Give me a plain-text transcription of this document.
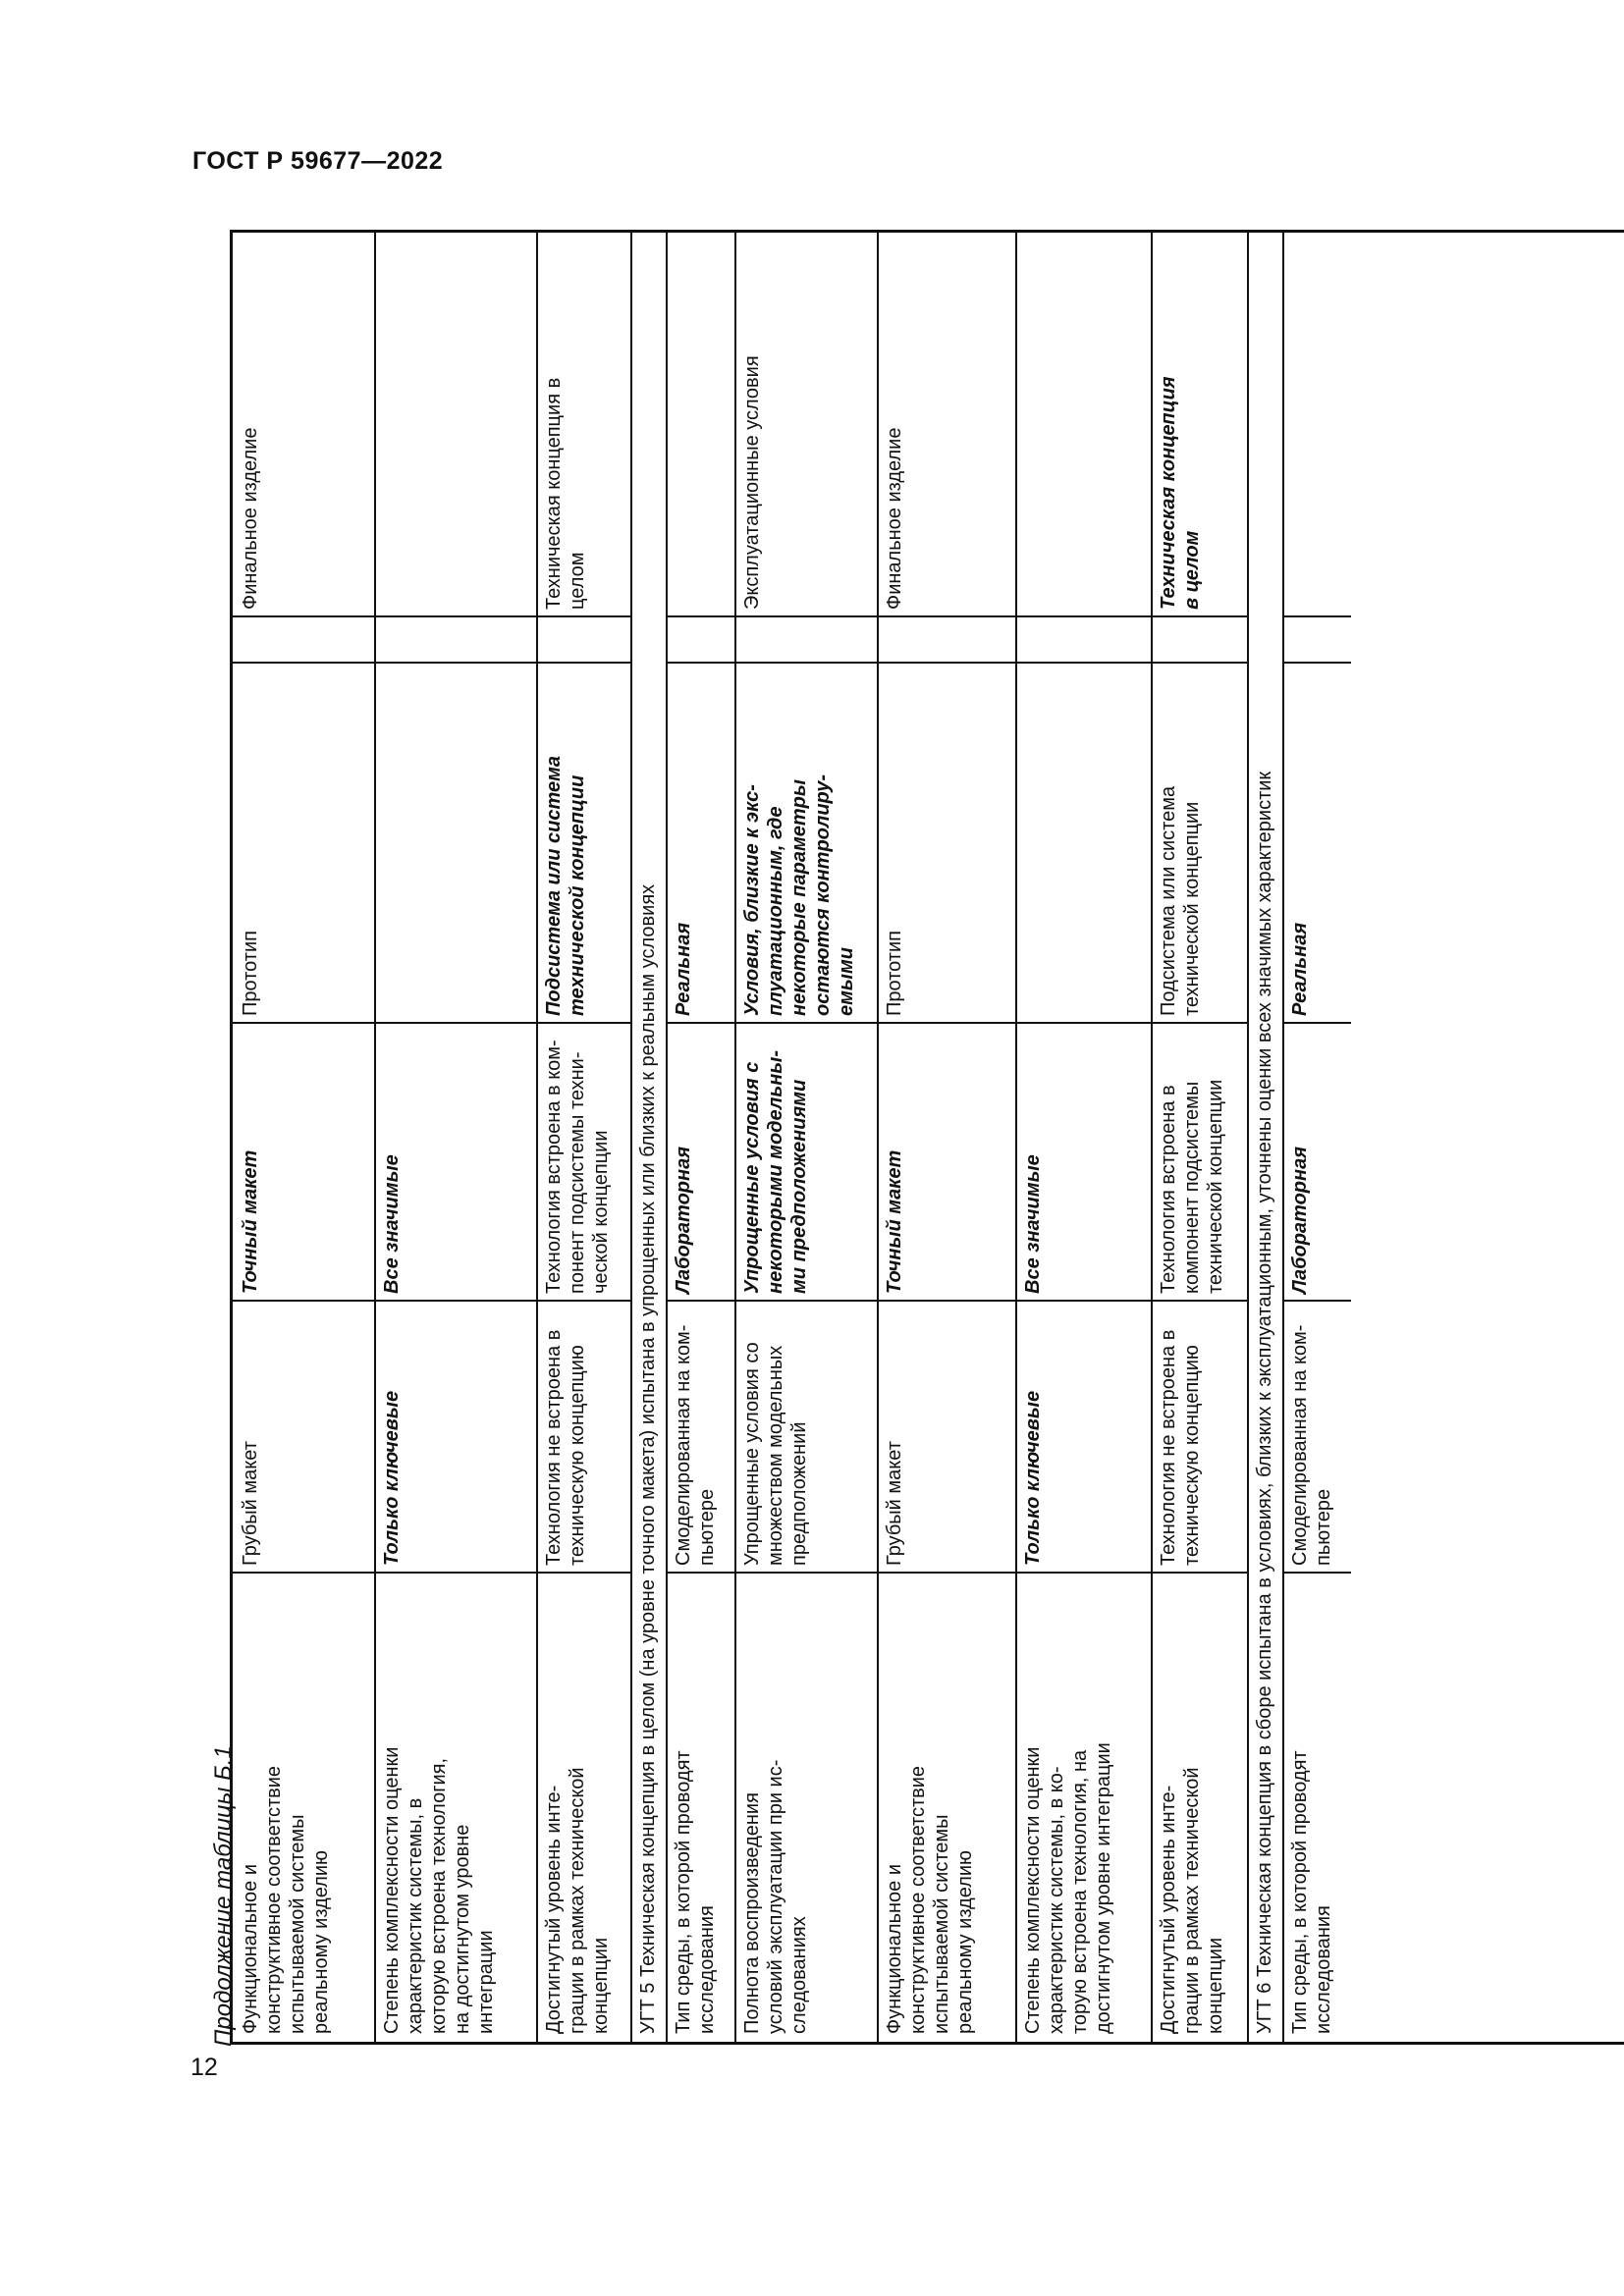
ГОСТ Р 59677—2022
12
Продолжение таблицы Б.1 Функциональное и
конструктивное соответствие
испытываемой системы
реальному изделию
Грубый макет
Точный макет
Прототип
Финальное изделие
Степень комплексности оценки
характеристик системы, в
которую встроена технология,
на достигнутом уровне
интеграции
Только ключевые
Все значимые
Достигнутый уровень инте-
грации в рамках технической
концепции
Технология не встроена в
техническую концепцию
Технология встроена в ком-
понент подсистемы техни-
ческой концепции
Подсистема или система
технической концепции
Техническая концепция в
целом
УГТ 5 Техническая концепция в целом (на уровне точного макета) испытана в упрощенных или близких к реальным условиях Тип среды, в которой проводят
исследования
Смоделированная на ком-
пьютере
Лабораторная
Реальная
Полнота воспроизведения
условий эксплуатации при ис-
следованиях
Упрощенные условия со
множеством модельных
предположений
Упрощенные условия с
некоторыми модельны-
ми предположениями
Условия, близкие к экс-
плуатационным, где
некоторые параметры
остаются контролиру-
емыми
Эксплуатационные условия
Функциональное и
конструктивное соответствие
испытываемой системы
реальному изделию
Грубый макет
Точный макет
Прототип
Финальное изделие
Степень комплексности оценки
характеристик системы, в ко-
торую встроена технология, на
достигнутом уровне интеграции
Только ключевые
Все значимые
Достигнутый уровень инте-
грации в рамках технической
концепции
Технология не встроена в
техническую концепцию
Технология встроена в
компонент подсистемы
технической концепции
Подсистема или система
технической концепции
Техническая концепция
в целом
УГТ 6 Техническая концепция в сборе испытана в условиях, близких к эксплуатационным, уточнены оценки всех значимых характеристик Тип среды, в которой проводят
исследования
Смоделированная на ком-
пьютере
Лабораторная
Реальная
